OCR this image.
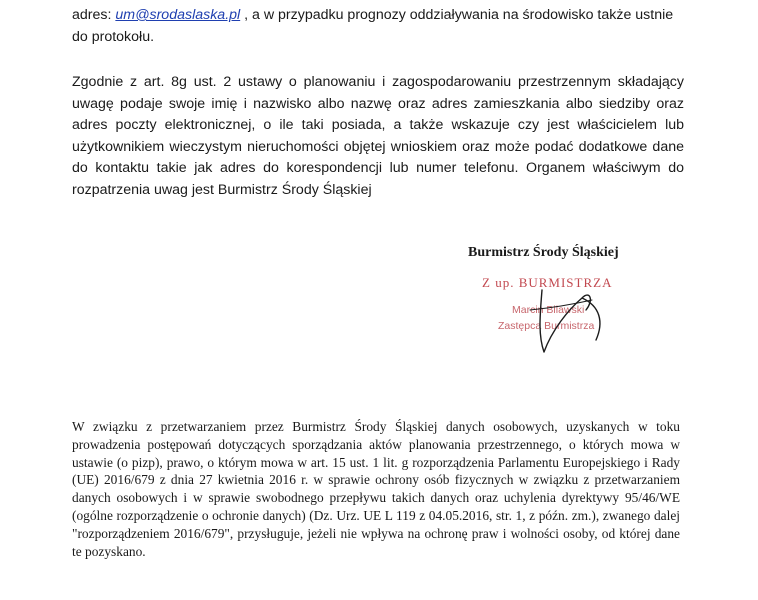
adres: um@srodaslaska.pl , a w przypadku prognozy oddziaływania na środowisko także ustnie do protokołu.

Zgodnie z art. 8g ust. 2 ustawy o planowaniu i zagospodarowaniu przestrzennym składający uwagę podaje swoje imię i nazwisko albo nazwę oraz adres zamieszkania albo siedziby oraz adres poczty elektronicznej, o ile taki posiada, a także wskazuje czy jest właścicielem lub użytkownikiem wieczystym nieruchomości objętej wnioskiem oraz może podać dodatkowe dane do kontaktu takie jak adres do korespondencji lub numer telefonu. Organem właściwym do rozpatrzenia uwag jest Burmistrz Środy Śląskiej

Burmistrz Środy Śląskiej

Z up. BURMISTRZA
Marcin Bilawski
Zastępca Burmistrza

W związku z przetwarzaniem przez Burmistrz Środy Śląskiej danych osobowych, uzyskanych w toku prowadzenia postępowań dotyczących sporządzania aktów planowania przestrzennego, o których mowa w ustawie (o pizp), prawo, o którym mowa w art. 15 ust. 1 lit. g rozporządzenia Parlamentu Europejskiego i Rady (UE) 2016/679 z dnia 27 kwietnia 2016 r. w sprawie ochrony osób fizycznych w związku z przetwarzaniem danych osobowych i w sprawie swobodnego przepływu takich danych oraz uchylenia dyrektywy 95/46/WE (ogólne rozporządzenie o ochronie danych) (Dz. Urz. UE L 119 z 04.05.2016, str. 1, z późn. zm.), zwanego dalej "rozporządzeniem 2016/679", przysługuje, jeżeli nie wpływa na ochronę praw i wolności osoby, od której dane te pozyskano.
